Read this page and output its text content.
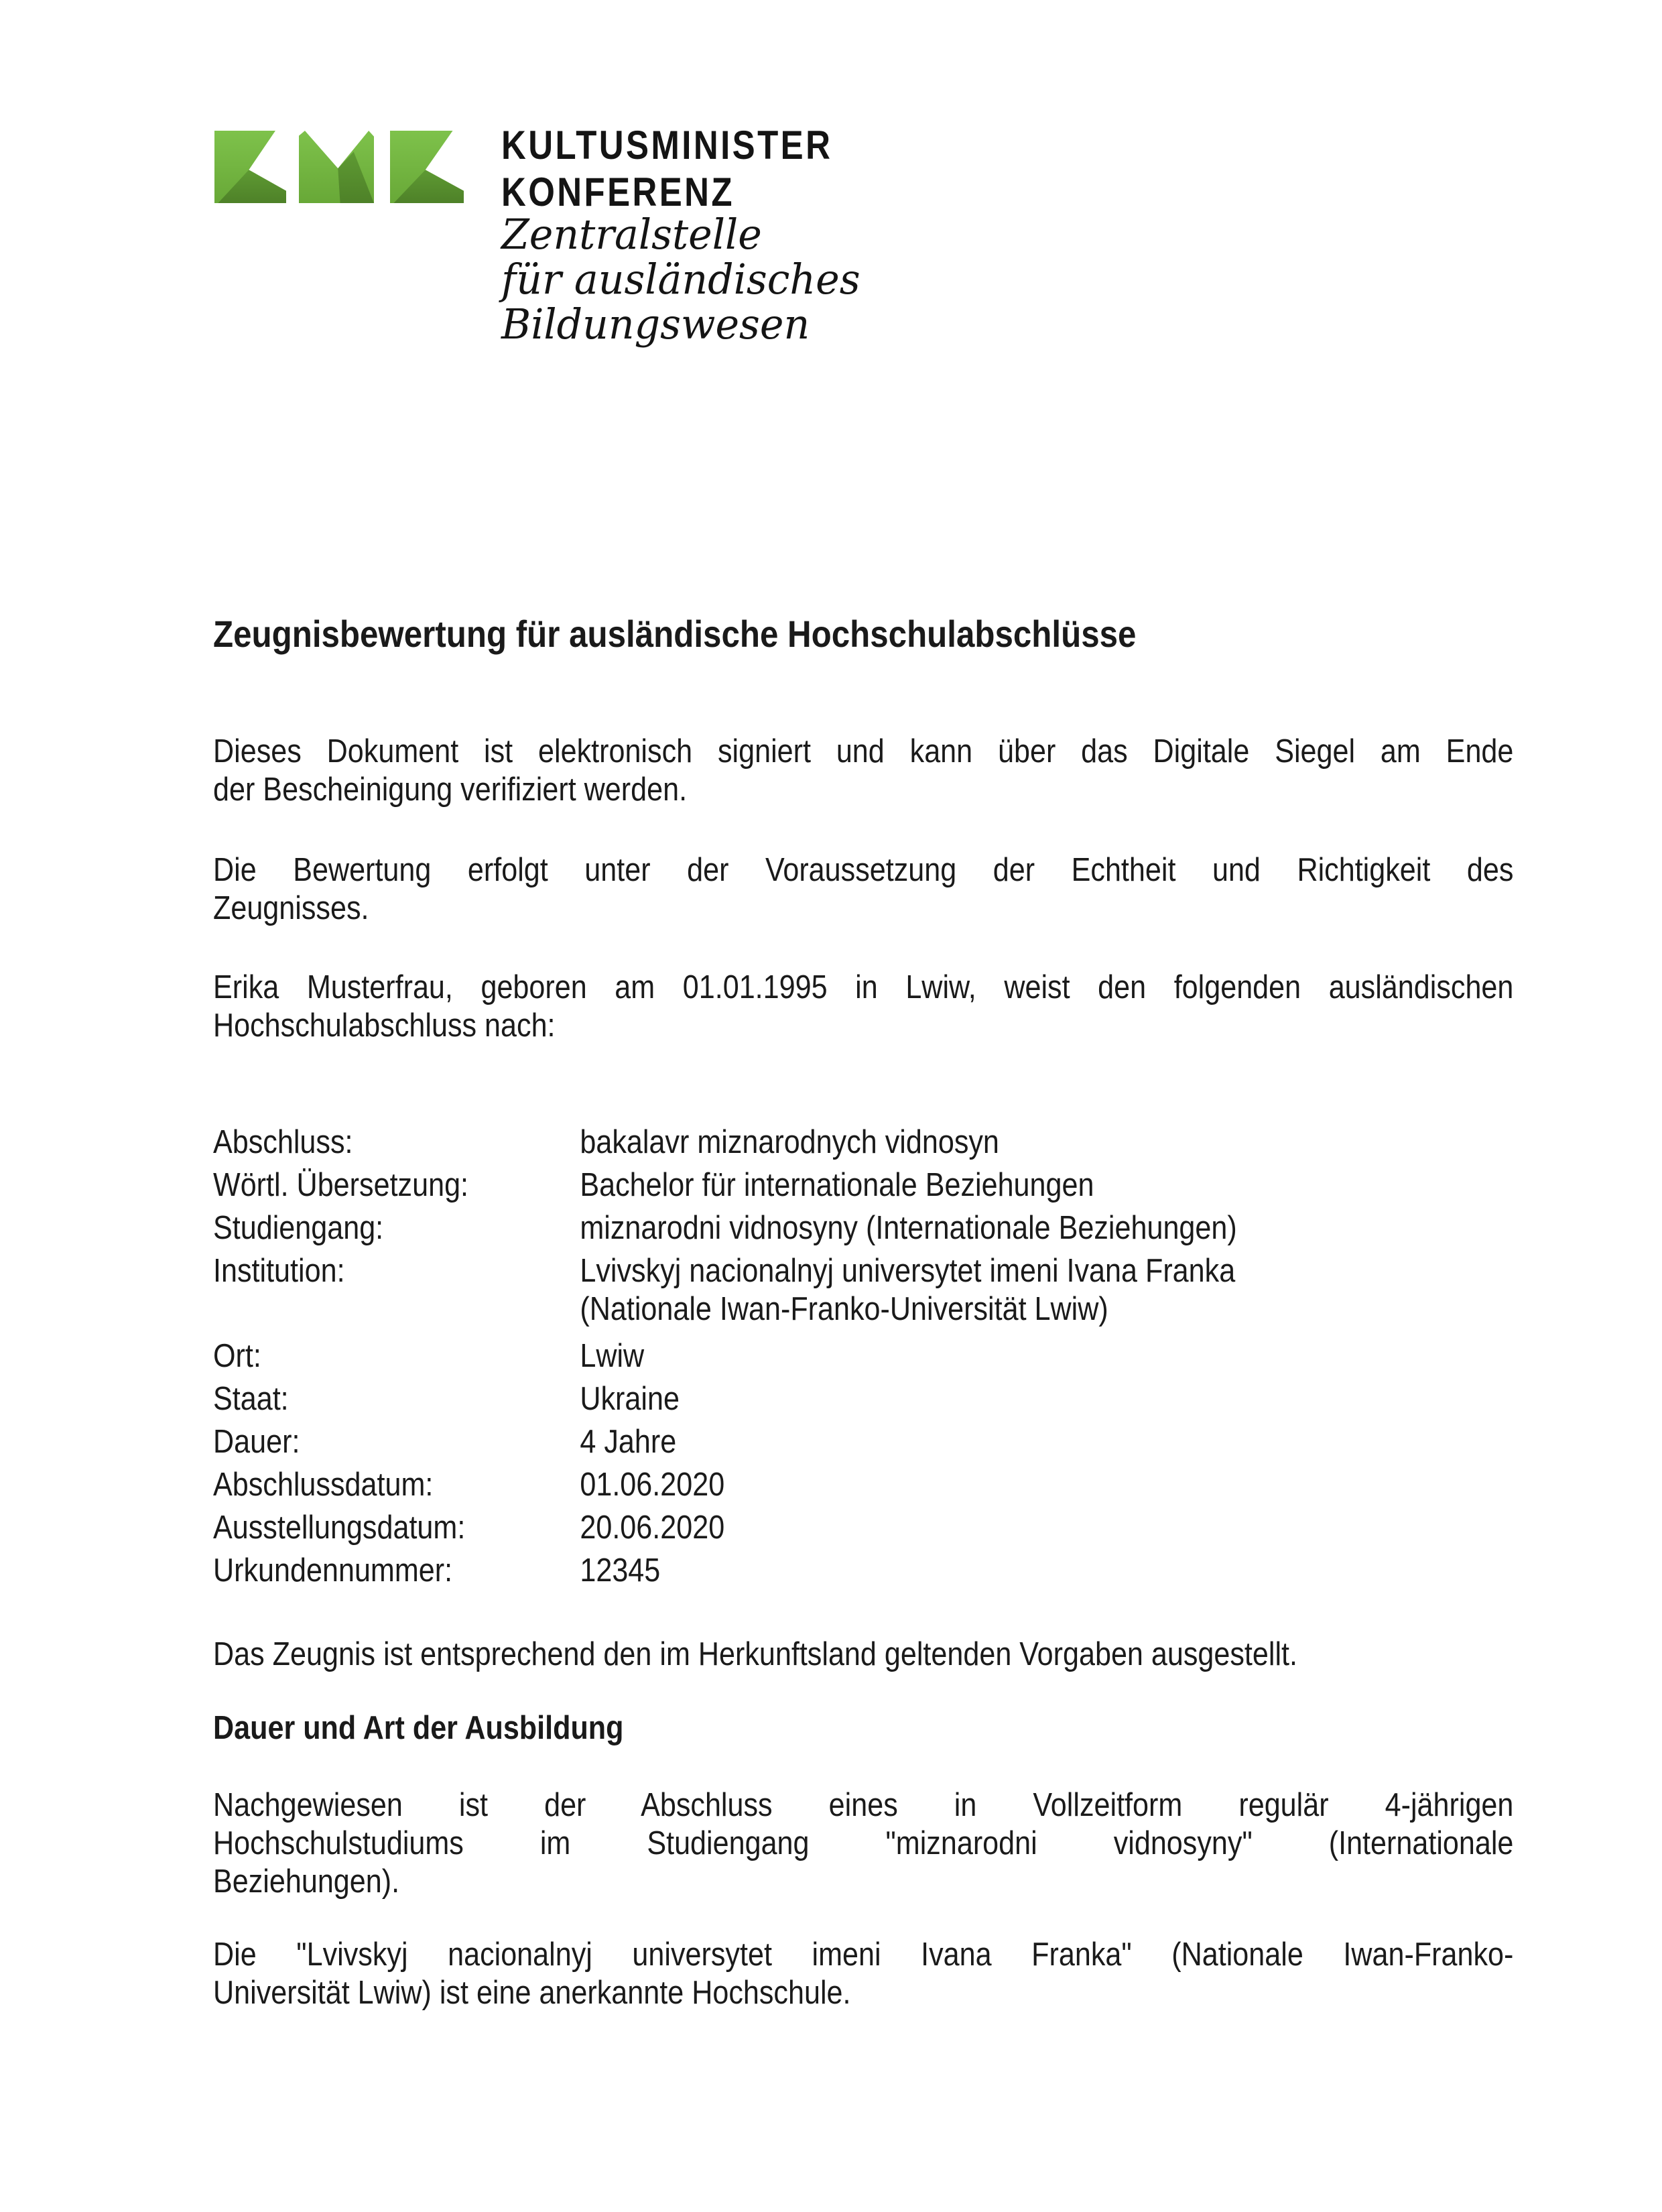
KULTUSMINISTER
KONFERENZ
Zentralstelle
für ausländisches
Bildungswesen
Zeugnisbewertung für ausländische Hochschulabschlüsse
Dieses Dokument ist elektronisch signiert und kann über das Digitale Siegel am Ende
der Bescheinigung verifiziert werden.
Die Bewertung erfolgt unter der Voraussetzung der Echtheit und Richtigkeit des
Zeugnisses.
Erika Musterfrau, geboren am 01.01.1995 in Lwiw, weist den folgenden ausländischen
Hochschulabschluss nach:
Abschluss:	bakalavr miznarodnych vidnosyn
Wörtl. Übersetzung:	Bachelor für internationale Beziehungen
Studiengang:	miznarodni vidnosyny (Internationale Beziehungen)
Institution:	Lvivskyj nacionalnyj universytet imeni Ivana Franka
(Nationale Iwan-Franko-Universität Lwiw)
Ort:	Lwiw
Staat:	Ukraine
Dauer:	4 Jahre
Abschlussdatum:	01.06.2020
Ausstellungsdatum:	20.06.2020
Urkundennummer:	12345
Das Zeugnis ist entsprechend den im Herkunftsland geltenden Vorgaben ausgestellt.
Dauer und Art der Ausbildung
Nachgewiesen ist der Abschluss eines in Vollzeitform regulär 4-jährigen
Hochschulstudiums im Studiengang "miznarodni vidnosyny" (Internationale
Beziehungen).
Die "Lvivskyj nacionalnyj universytet imeni Ivana Franka" (Nationale Iwan-Franko-
Universität Lwiw) ist eine anerkannte Hochschule.
